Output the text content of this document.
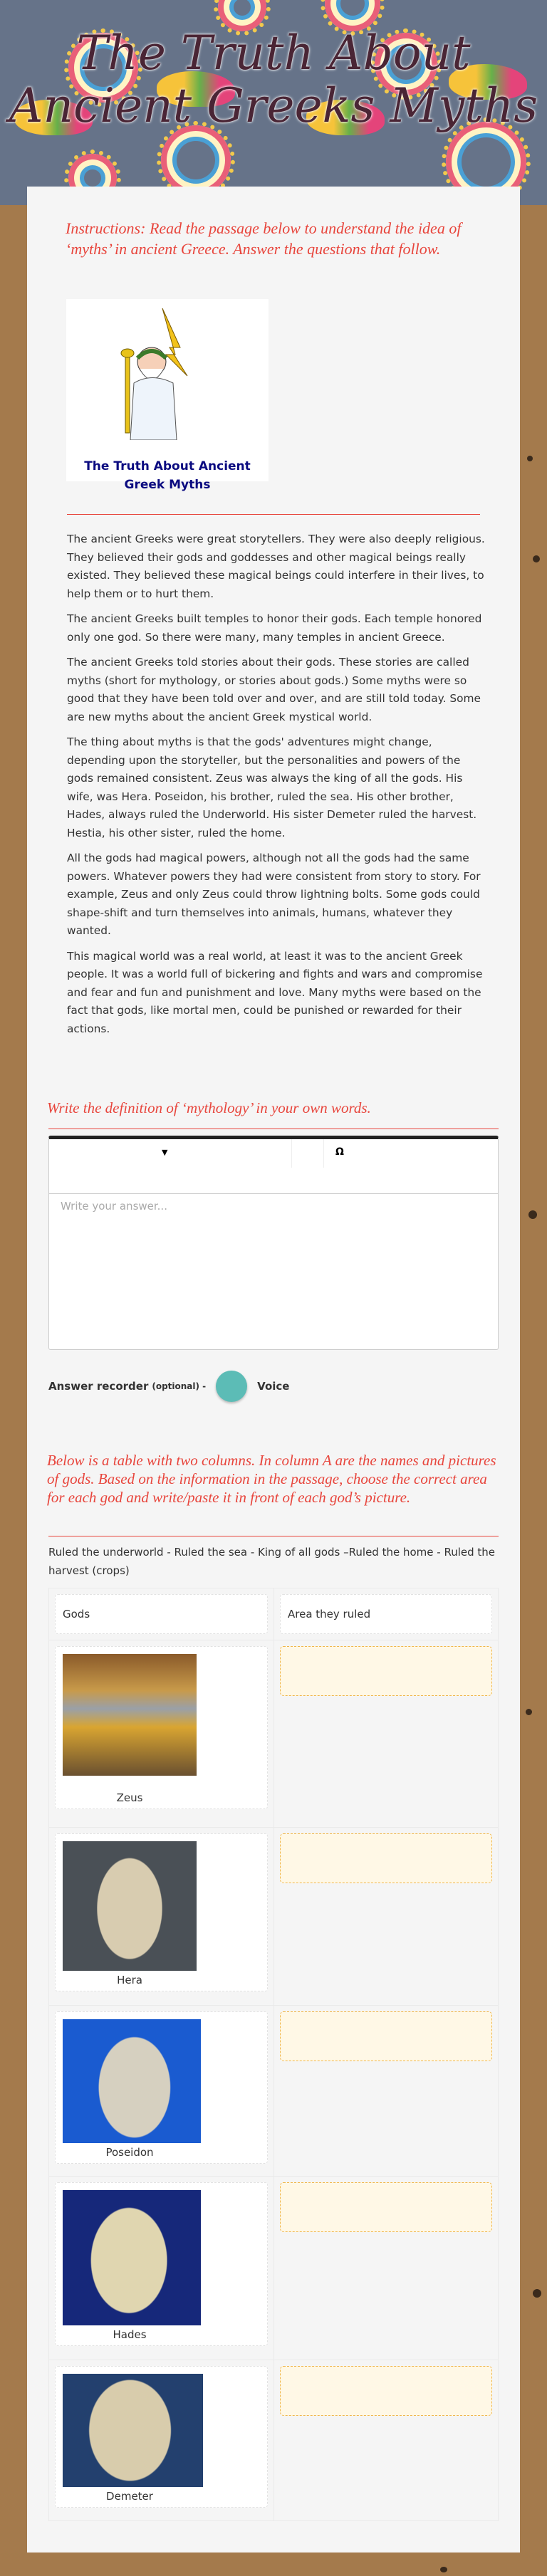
The Truth About Ancient Greeks Myths
Instructions: Read the passage below to understand the idea of ‘myths’ in ancient Greece. Answer the questions that follow.
The Truth About Ancient Greek Myths

The ancient Greeks were great storytellers. They were also deeply religious. They believed their gods and goddesses and other magical beings really existed. They believed these magical beings could interfere in their lives, to help them or to hurt them.

The ancient Greeks built temples to honor their gods. Each temple honored only one god. So there were many, many temples in ancient Greece.

The ancient Greeks told stories about their gods. These stories are called myths (short for mythology, or stories about gods.) Some myths were so good that they have been told over and over, and are still told today. Some are new myths about the ancient Greek mystical world.

The thing about myths is that the gods' adventures might change, depending upon the storyteller, but the personalities and powers of the gods remained consistent. Zeus was always the king of all the gods. His wife, was Hera. Poseidon, his brother, ruled the sea. His other brother, Hades, always ruled the Underworld. His sister Demeter ruled the harvest. Hestia, his other sister, ruled the home.

All the gods had magical powers, although not all the gods had the same powers. Whatever powers they had were consistent from story to story. For example, Zeus and only Zeus could throw lightning bolts. Some gods could shape-shift and turn themselves into animals, humans, whatever they wanted.

This magical world was a real world, at least it was to the ancient Greek people. It was a world full of bickering and fights and wars and compromise and fear and fun and punishment and love. Many myths were based on the fact that gods, like mortal men, could be punished or rewarded for their actions.

Write the definition of ‘mythology’ in your own words.
▼	Ω
Write your answer...
Answer recorder (optional) -	Voice
Below is a table with two columns. In column A are the names and pictures of gods. Based on the information in the passage, choose the correct area for each god and write/paste it in front of each god’s picture.
Ruled the underworld - Ruled the sea - King of all gods –Ruled the home - Ruled the harvest (crops)
Gods	Area they ruled
Zeus
Hera
Poseidon
Hades
Demeter
